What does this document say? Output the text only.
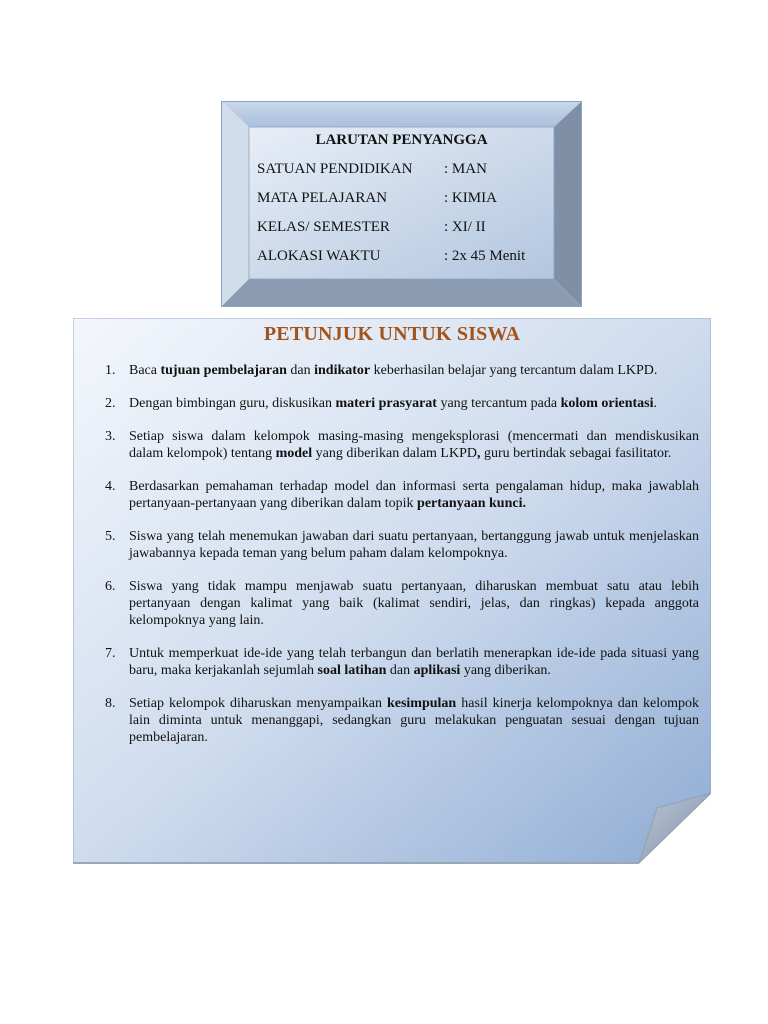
LARUTAN PENYANGGA
SATUAN PENDIDIKAN : MAN
MATA PELAJARAN	: KIMIA
KELAS/ SEMESTER	: XI/ II
ALOKASI WAKTU	: 2x 45 Menit
PETUNJUK UNTUK SISWA
1. Baca tujuan pembelajaran dan indikator keberhasilan belajar yang tercantum dalam LKPD.
2. Dengan bimbingan guru, diskusikan materi prasyarat yang tercantum pada kolom orientasi.
3. Setiap siswa dalam kelompok masing-masing mengeksplorasi (mencermati dan mendiskusikan dalam kelompok) tentang model yang diberikan dalam LKPD, guru bertindak sebagai fasilitator.
4. Berdasarkan pemahaman terhadap model dan informasi serta pengalaman hidup, maka jawablah pertanyaan-pertanyaan yang diberikan dalam topik pertanyaan kunci.
5. Siswa yang telah menemukan jawaban dari suatu pertanyaan, bertanggung jawab untuk menjelaskan jawabannya kepada teman yang belum paham dalam kelompoknya.
6. Siswa yang tidak mampu menjawab suatu pertanyaan, diharuskan membuat satu atau lebih pertanyaan dengan kalimat yang baik (kalimat sendiri, jelas, dan ringkas) kepada anggota kelompoknya yang lain.
7. Untuk memperkuat ide-ide yang telah terbangun dan berlatih menerapkan ide-ide pada situasi yang baru, maka kerjakanlah sejumlah soal latihan dan aplikasi yang diberikan.
8. Setiap kelompok diharuskan menyampaikan kesimpulan hasil kinerja kelompoknya dan kelompok lain diminta untuk menanggapi, sedangkan guru melakukan penguatan sesuai dengan tujuan pembelajaran.
